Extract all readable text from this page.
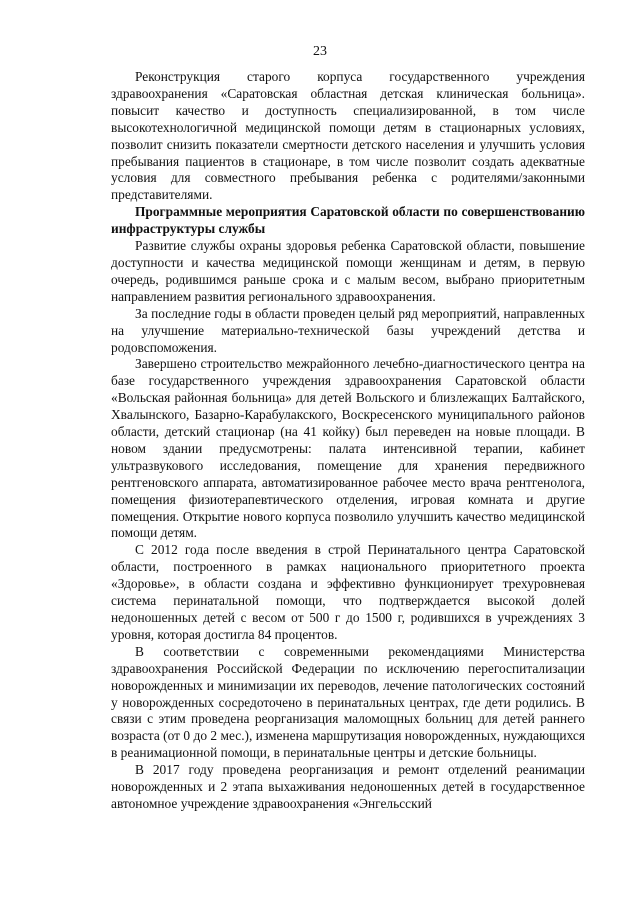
23

Реконструкция старого корпуса государственного учреждения здравоохранения «Саратовская областная детская клиническая больница». повысит качество и доступность специализированной, в том числе высокотехнологичной медицинской помощи детям в стационарных условиях, позволит снизить показатели смертности детского населения и улучшить условия пребывания пациентов в стационаре, в том числе позволит создать адекватные условия для совместного пребывания ребенка с родителями/законными представителями.

Программные мероприятия Саратовской области по совершенствованию инфраструктуры службы

Развитие службы охраны здоровья ребенка Саратовской области, повышение доступности и качества медицинской помощи женщинам и детям, в первую очередь, родившимся раньше срока и с малым весом, выбрано приоритетным направлением развития регионального здравоохранения.

За последние годы в области проведен целый ряд мероприятий, направленных на улучшение материально-технической базы учреждений детства и родовспоможения.

Завершено строительство межрайонного лечебно-диагностического центра на базе государственного учреждения здравоохранения Саратовской области «Вольская районная больница» для детей Вольского и близлежащих Балтайского, Хвалынского, Базарно-Карабулакского, Воскресенского муниципального районов области, детский стационар (на 41 койку) был переведен на новые площади. В новом здании предусмотрены: палата интенсивной терапии, кабинет ультразвукового исследования, помещение для хранения передвижного рентгеновского аппарата, автоматизированное рабочее место врача рентгенолога, помещения физиотерапевтического отделения, игровая комната и другие помещения. Открытие нового корпуса позволило улучшить качество медицинской помощи детям.

С 2012 года после введения в строй Перинатального центра Саратовской области, построенного в рамках национального приоритетного проекта «Здоровье», в области создана и эффективно функционирует трехуровневая система перинатальной помощи, что подтверждается высокой долей недоношенных детей с весом от 500 г до 1500 г, родившихся в учреждениях 3 уровня, которая достигла 84 процентов.

В соответствии с современными рекомендациями Министерства здравоохранения Российской Федерации по исключению перегоспитализации новорожденных и минимизации их переводов, лечение патологических состояний у новорожденных сосредоточено в перинатальных центрах, где дети родились. В связи с этим проведена реорганизация маломощных больниц для детей раннего возраста (от 0 до 2 мес.), изменена маршрутизация новорожденных, нуждающихся в реанимационной помощи, в перинатальные центры и детские больницы.

В 2017 году проведена реорганизация и ремонт отделений реанимации новорожденных и 2 этапа выхаживания недоношенных детей в государственное автономное учреждение здравоохранения «Энгельсский
